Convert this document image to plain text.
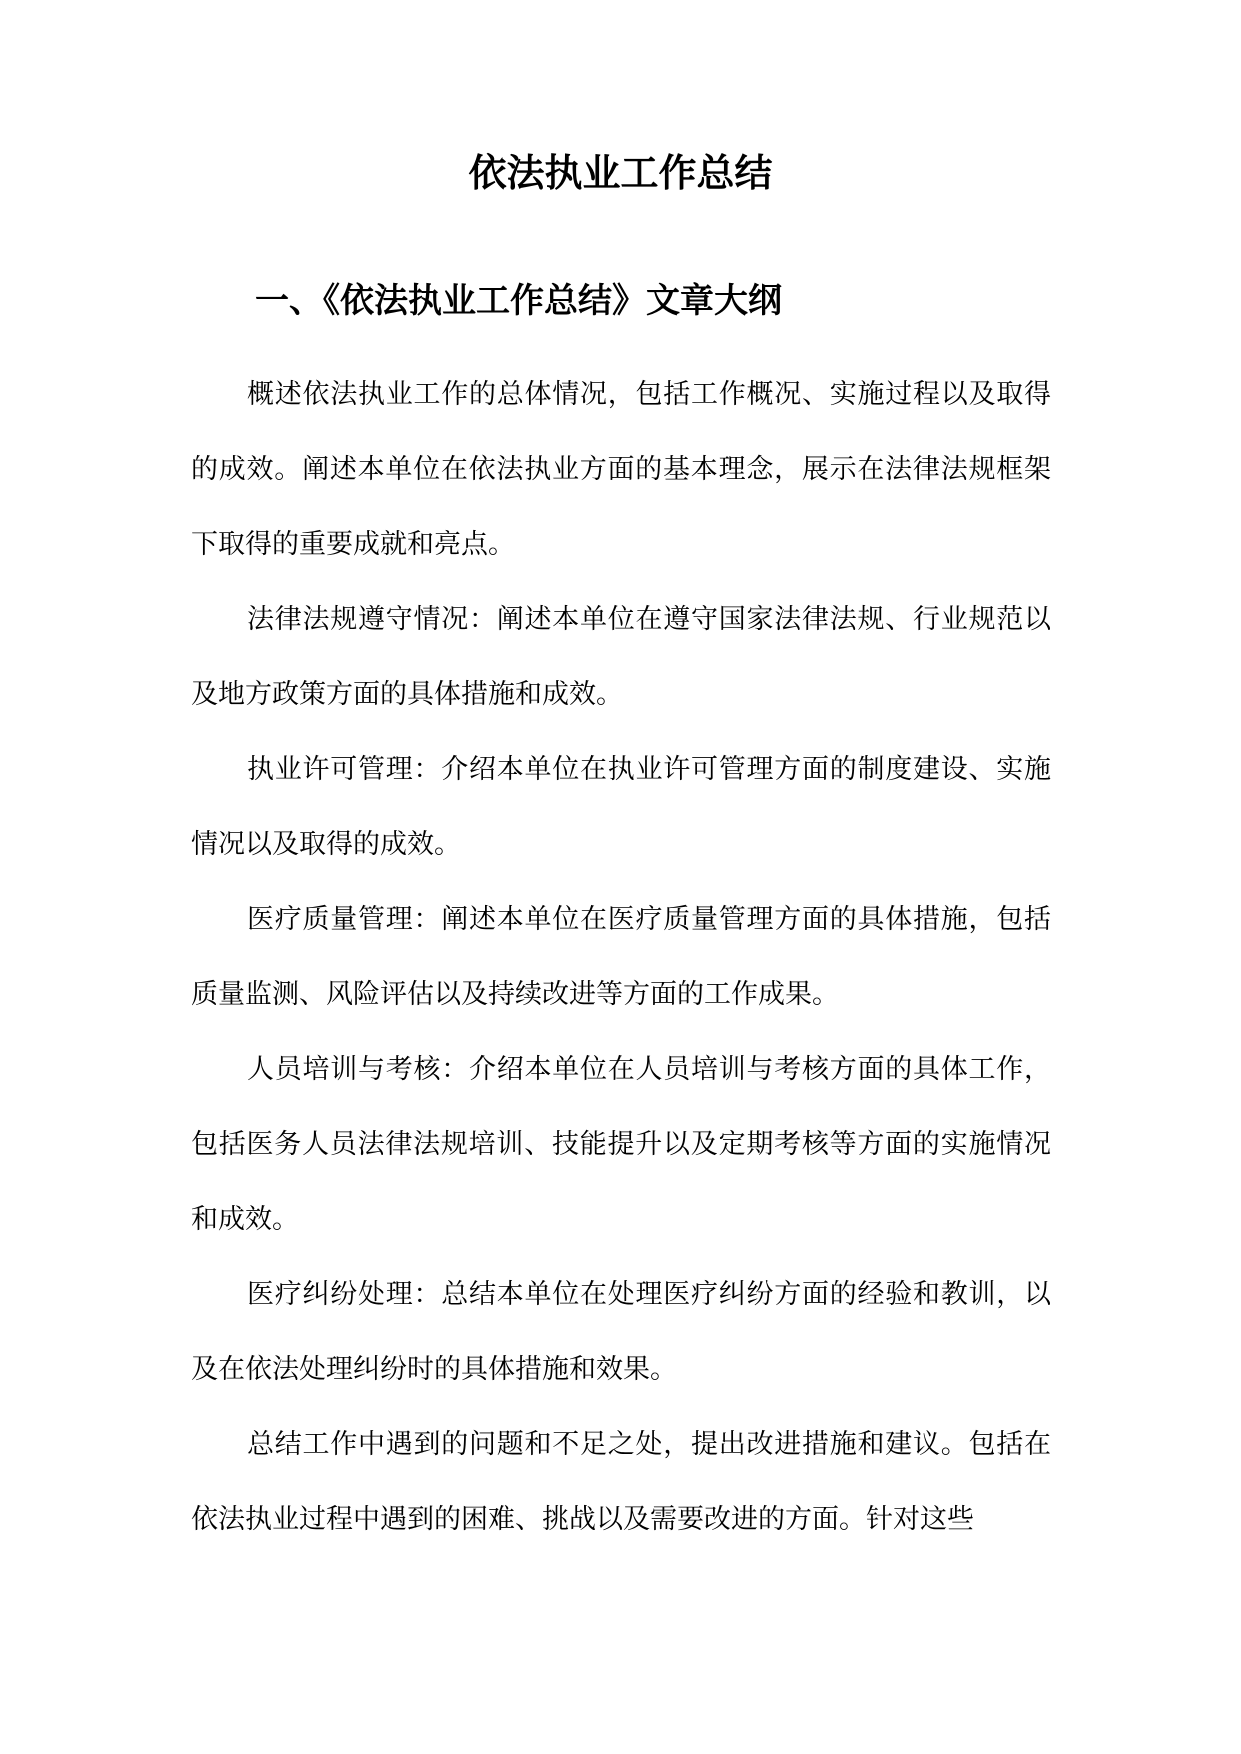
依法执业工作总结
一、《依法执业工作总结》文章大纲

概述依法执业工作的总体情况，包括工作概况、实施过程以及取得的成效。阐述本单位在依法执业方面的基本理念，展示在法律法规框架下取得的重要成就和亮点。

法律法规遵守情况：阐述本单位在遵守国家法律法规、行业规范以及地方政策方面的具体措施和成效。

执业许可管理：介绍本单位在执业许可管理方面的制度建设、实施情况以及取得的成效。

医疗质量管理：阐述本单位在医疗质量管理方面的具体措施，包括质量监测、风险评估以及持续改进等方面的工作成果。

人员培训与考核：介绍本单位在人员培训与考核方面的具体工作，包括医务人员法律法规培训、技能提升以及定期考核等方面的实施情况和成效。

医疗纠纷处理：总结本单位在处理医疗纠纷方面的经验和教训，以及在依法处理纠纷时的具体措施和效果。

总结工作中遇到的问题和不足之处，提出改进措施和建议。包括在依法执业过程中遇到的困难、挑战以及需要改进的方面。针对这些
